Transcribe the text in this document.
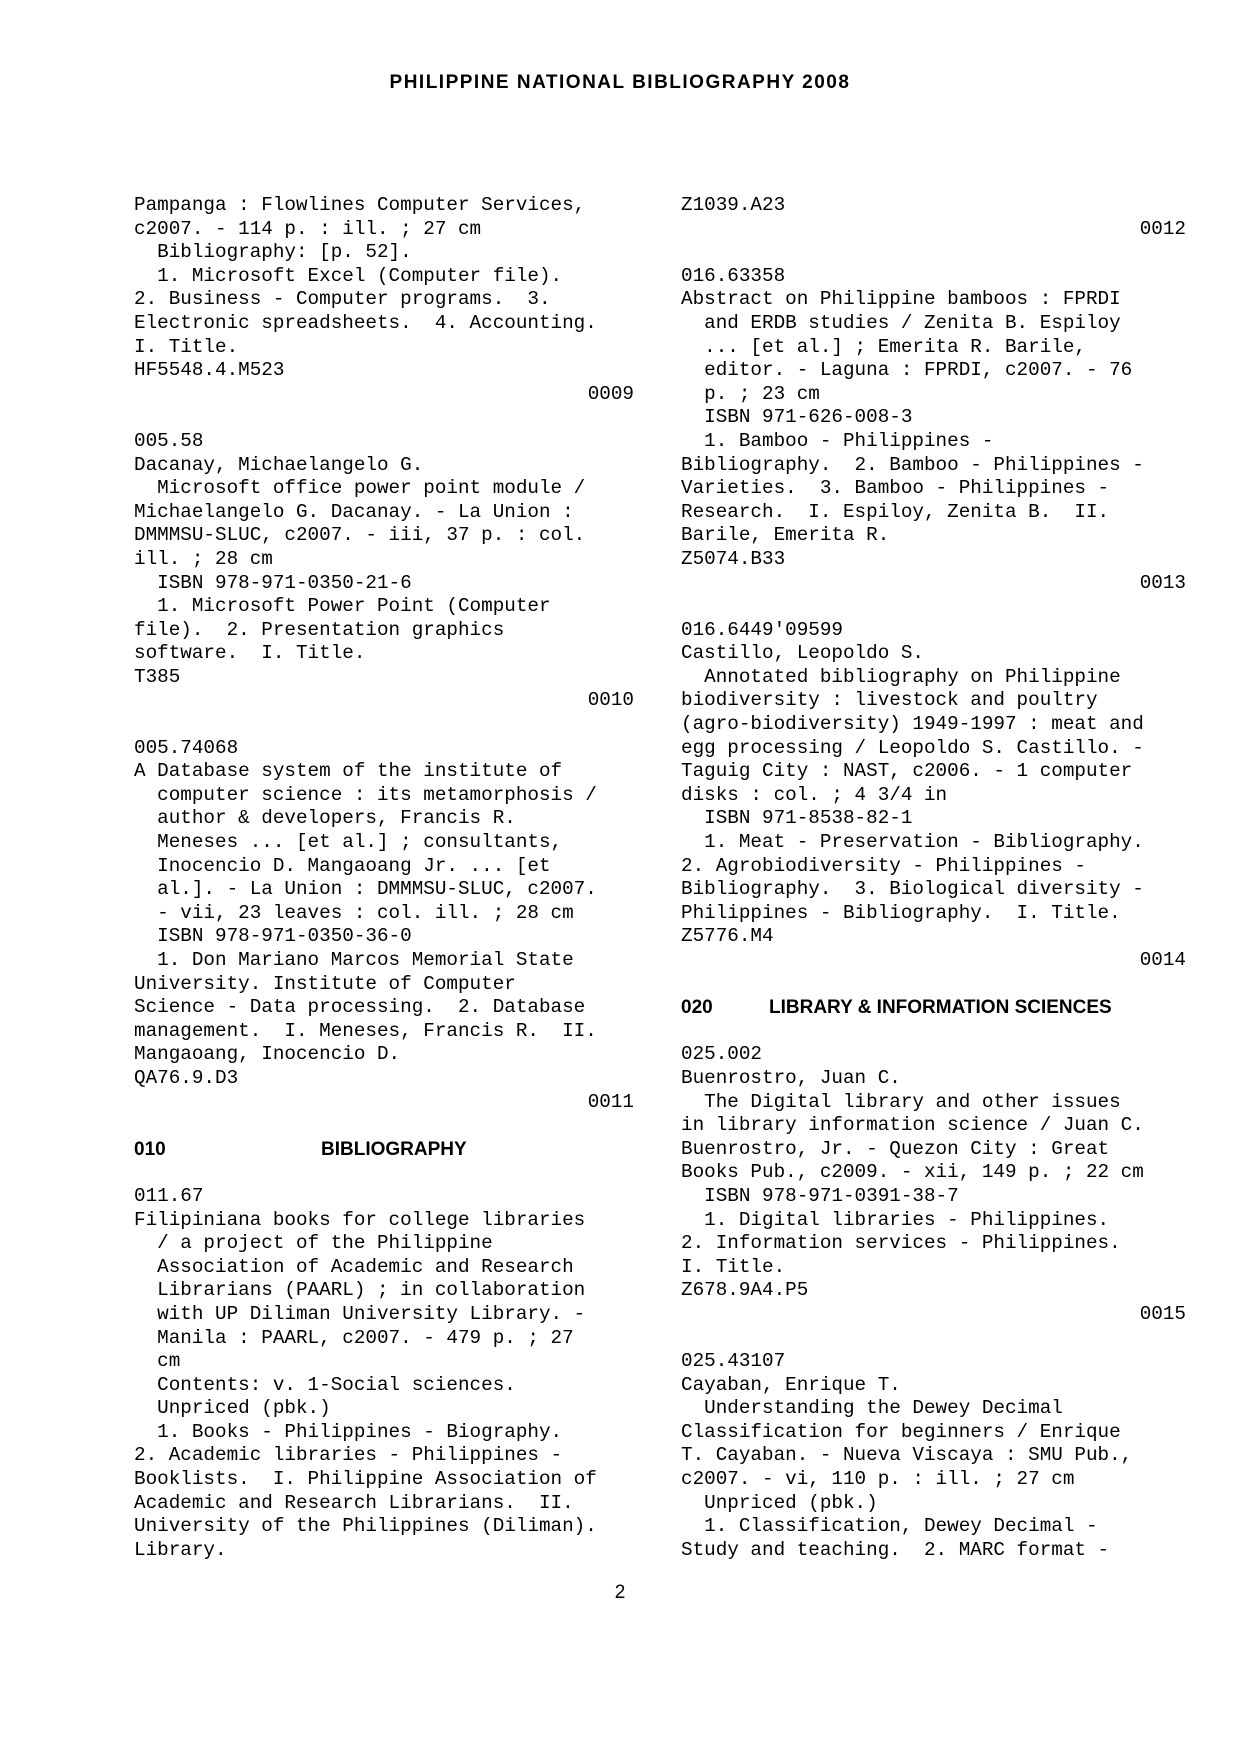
PHILIPPINE NATIONAL BIBLIOGRAPHY 2008
Pampanga : Flowlines Computer Services,
c2007. - 114 p. : ill. ; 27 cm
Bibliography: [p. 52].
1. Microsoft Excel (Computer file).
2. Business - Computer programs.  3.
Electronic spreadsheets.  4. Accounting.
I. Title.
HF5548.4.M523
0009
005.58
Dacanay, Michaelangelo G.
Microsoft office power point module /
Michaelangelo G. Dacanay. - La Union :
DMMMSU-SLUC, c2007. - iii, 37 p. : col.
ill. ; 28 cm
ISBN 978-971-0350-21-6
1. Microsoft Power Point (Computer
file).  2. Presentation graphics
software.  I. Title.
T385
0010
005.74068
A Database system of the institute of
computer science : its metamorphosis /
author & developers, Francis R.
Meneses ... [et al.] ; consultants,
Inocencio D. Mangaoang Jr. ... [et
al.]. - La Union : DMMMSU-SLUC, c2007.
- vii, 23 leaves : col. ill. ; 28 cm
ISBN 978-971-0350-36-0
1. Don Mariano Marcos Memorial State
University. Institute of Computer
Science - Data processing.  2. Database
management.  I. Meneses, Francis R.  II.
Mangaoang, Inocencio D.
QA76.9.D3
0011
010	BIBLIOGRAPHY
011.67
Filipiniana books for college libraries
/ a project of the Philippine
Association of Academic and Research
Librarians (PAARL) ; in collaboration
with UP Diliman University Library. -
Manila : PAARL, c2007. - 479 p. ; 27
cm
Contents: v. 1-Social sciences.
Unpriced (pbk.)
1. Books - Philippines - Biography.
2. Academic libraries - Philippines -
Booklists.  I. Philippine Association of
Academic and Research Librarians.  II.
University of the Philippines (Diliman).
Library.
Z1039.A23
0012
016.63358
Abstract on Philippine bamboos : FPRDI
and ERDB studies / Zenita B. Espiloy
... [et al.] ; Emerita R. Barile,
editor. - Laguna : FPRDI, c2007. - 76
p. ; 23 cm
ISBN 971-626-008-3
1. Bamboo - Philippines -
Bibliography.  2. Bamboo - Philippines -
Varieties.  3. Bamboo - Philippines -
Research.  I. Espiloy, Zenita B.  II.
Barile, Emerita R.
Z5074.B33
0013
016.6449'09599
Castillo, Leopoldo S.
Annotated bibliography on Philippine
biodiversity : livestock and poultry
(agro-biodiversity) 1949-1997 : meat and
egg processing / Leopoldo S. Castillo. -
Taguig City : NAST, c2006. - 1 computer
disks : col. ; 4 3/4 in
ISBN 971-8538-82-1
1. Meat - Preservation - Bibliography.
2. Agrobiodiversity - Philippines -
Bibliography.  3. Biological diversity -
Philippines - Bibliography.  I. Title.
Z5776.M4
0014
020	LIBRARY & INFORMATION SCIENCES
025.002
Buenrostro, Juan C.
The Digital library and other issues
in library information science / Juan C.
Buenrostro, Jr. - Quezon City : Great
Books Pub., c2009. - xii, 149 p. ; 22 cm
ISBN 978-971-0391-38-7
1. Digital libraries - Philippines.
2. Information services - Philippines.
I. Title.
Z678.9A4.P5
0015
025.43107
Cayaban, Enrique T.
Understanding the Dewey Decimal
Classification for beginners / Enrique
T. Cayaban. - Nueva Viscaya : SMU Pub.,
c2007. - vi, 110 p. : ill. ; 27 cm
Unpriced (pbk.)
1. Classification, Dewey Decimal -
Study and teaching.  2. MARC format -
2
